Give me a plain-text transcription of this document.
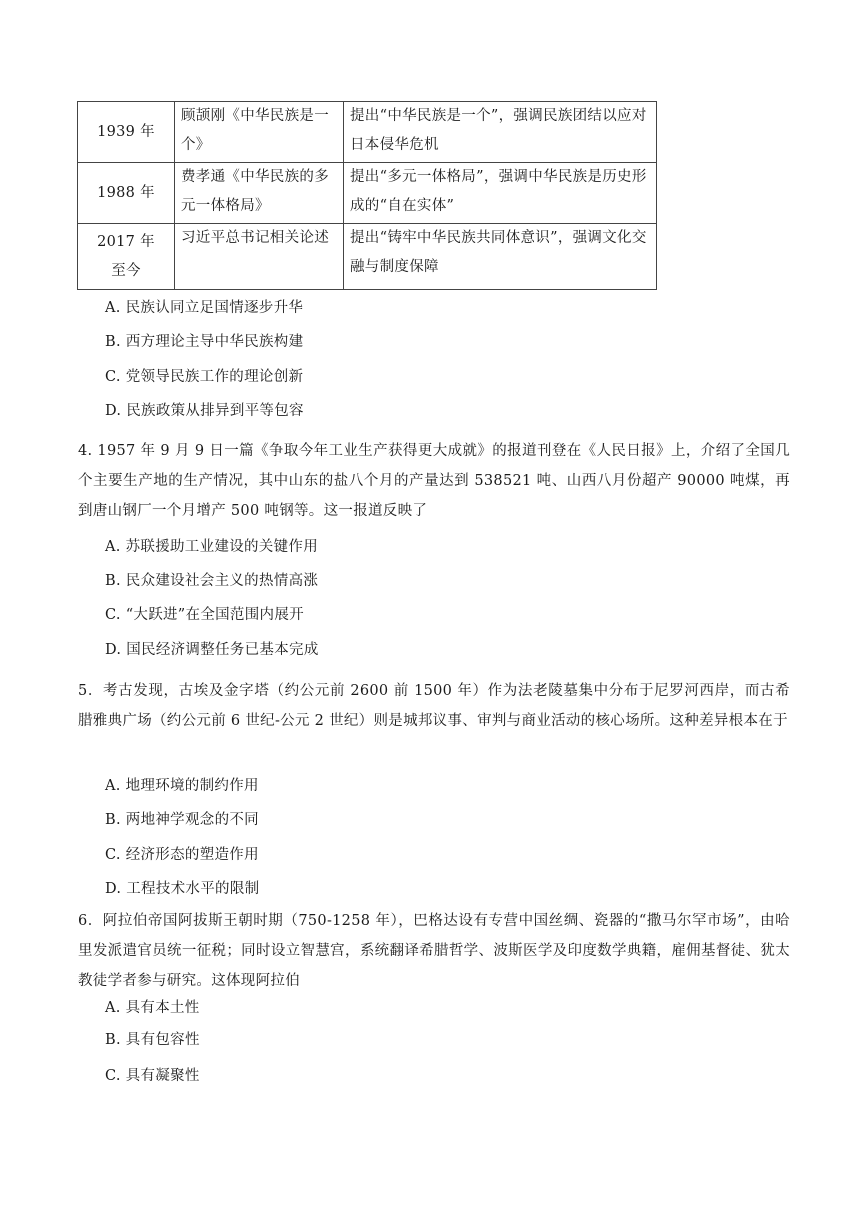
1939 年	顾颉刚《中华民族是一个》	提出“中华民族是一个”，强调民族团结以应对日本侵华危机
1988 年	费孝通《中华民族的多元一体格局》	提出“多元一体格局”，强调中华民族是历史形成的“自在实体”
2017 年至今	习近平总书记相关论述	提出“铸牢中华民族共同体意识”，强调文化交融与制度保障
A. 民族认同立足国情逐步升华
B. 西方理论主导中华民族构建
C. 党领导民族工作的理论创新
D. 民族政策从排异到平等包容
4. 1957 年 9 月 9 日一篇《争取今年工业生产获得更大成就》的报道刊登在《人民日报》上，介绍了全国几个主要生产地的生产情况，其中山东的盐八个月的产量达到 538521 吨、山西八月份超产 90000 吨煤，再到唐山钢厂一个月增产 500 吨钢等。这一报道反映了
A. 苏联援助工业建设的关键作用
B. 民众建设社会主义的热情高涨
C. “大跃进”在全国范围内展开
D. 国民经济调整任务已基本完成
5．考古发现，古埃及金字塔（约公元前 2600 前 1500 年）作为法老陵墓集中分布于尼罗河西岸，而古希腊雅典广场（约公元前 6 世纪-公元 2 世纪）则是城邦议事、审判与商业活动的核心场所。这种差异根本在于
A. 地理环境的制约作用
B. 两地神学观念的不同
C. 经济形态的塑造作用
D. 工程技术水平的限制
6．阿拉伯帝国阿拔斯王朝时期（750-1258 年），巴格达设有专营中国丝绸、瓷器的“撒马尔罕市场”，由哈里发派遣官员统一征税；同时设立智慧宫，系统翻译希腊哲学、波斯医学及印度数学典籍，雇佣基督徒、犹太教徒学者参与研究。这体现阿拉伯
A. 具有本土性
B. 具有包容性
C. 具有凝聚性
